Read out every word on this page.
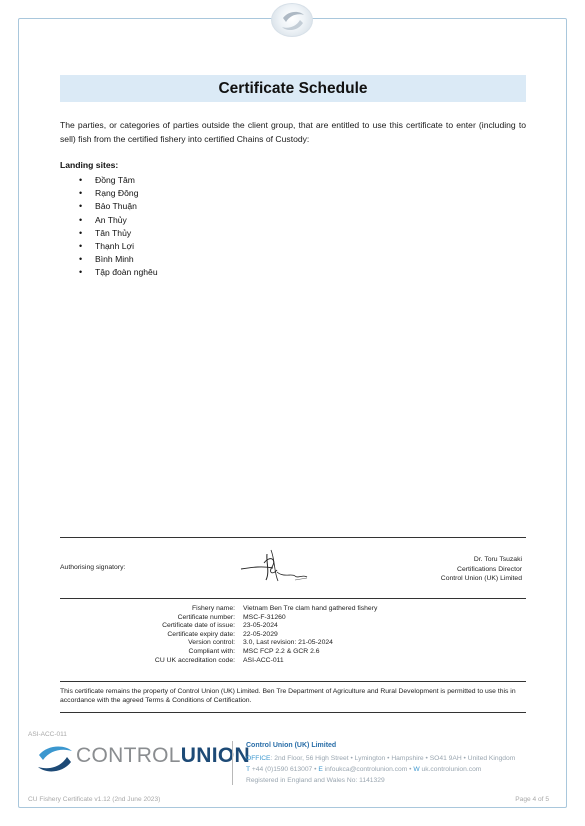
Certificate Schedule
The parties, or categories of parties outside the client group, that are entitled to use this certificate to enter (including to sell) fish from the certified fishery into certified Chains of Custody:
Landing sites:
• Đồng Tâm
• Rạng Đông
• Bảo Thuận
• An Thủy
• Tân Thủy
• Thạnh Lợi
• Bình Minh
• Tập đoàn nghêu
Authorising signatory:
Dr. Toru Tsuzaki
Certifications Director
Control Union (UK) Limited
Fishery name: Vietnam Ben Tre clam hand gathered fishery
Certificate number: MSC-F-31260
Certificate date of issue: 23-05-2024
Certificate expiry date: 22-05-2029
Version control: 3.0, Last revision: 21-05-2024
Compliant with: MSC FCP 2.2 & GCR 2.6
CU UK accreditation code: ASI-ACC-011
This certificate remains the property of Control Union (UK) Limited. Ben Tre Department of Agriculture and Rural Development is permitted to use this in accordance with the agreed Terms & Conditions of Certification.
ASI-ACC-011
CONTROLUNION
Control Union (UK) Limited
OFFICE: 2nd Floor, 56 High Street • Lymington • Hampshire • SO41 9AH • United Kingdom
T +44 (0)1590 613007 • E infoukca@controlunion.com • W uk.controlunion.com
Registered in England and Wales No: 1141329
CU Fishery Certificate v1.12 (2nd June 2023)	Page 4 of 5
